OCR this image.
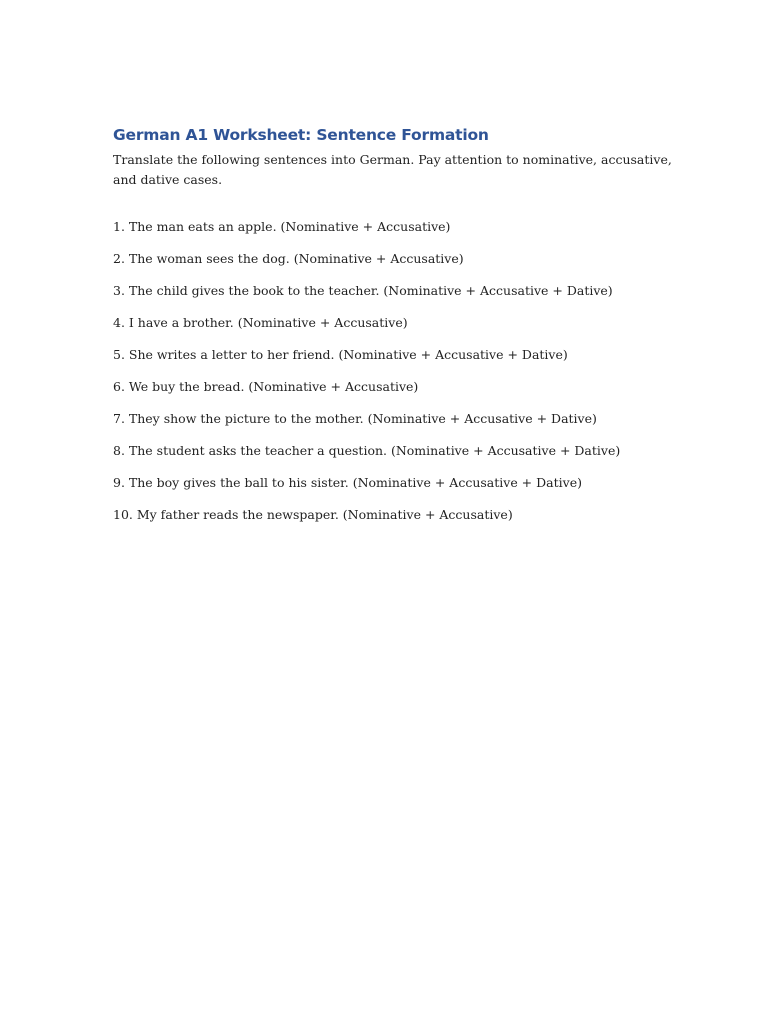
German A1 Worksheet: Sentence Formation

Translate the following sentences into German. Pay attention to nominative, accusative, and dative cases.

1. The man eats an apple. (Nominative + Accusative)
2. The woman sees the dog. (Nominative + Accusative)
3. The child gives the book to the teacher. (Nominative + Accusative + Dative)
4. I have a brother. (Nominative + Accusative)
5. She writes a letter to her friend. (Nominative + Accusative + Dative)
6. We buy the bread. (Nominative + Accusative)
7. They show the picture to the mother. (Nominative + Accusative + Dative)
8. The student asks the teacher a question. (Nominative + Accusative + Dative)
9. The boy gives the ball to his sister. (Nominative + Accusative + Dative)
10. My father reads the newspaper. (Nominative + Accusative)
